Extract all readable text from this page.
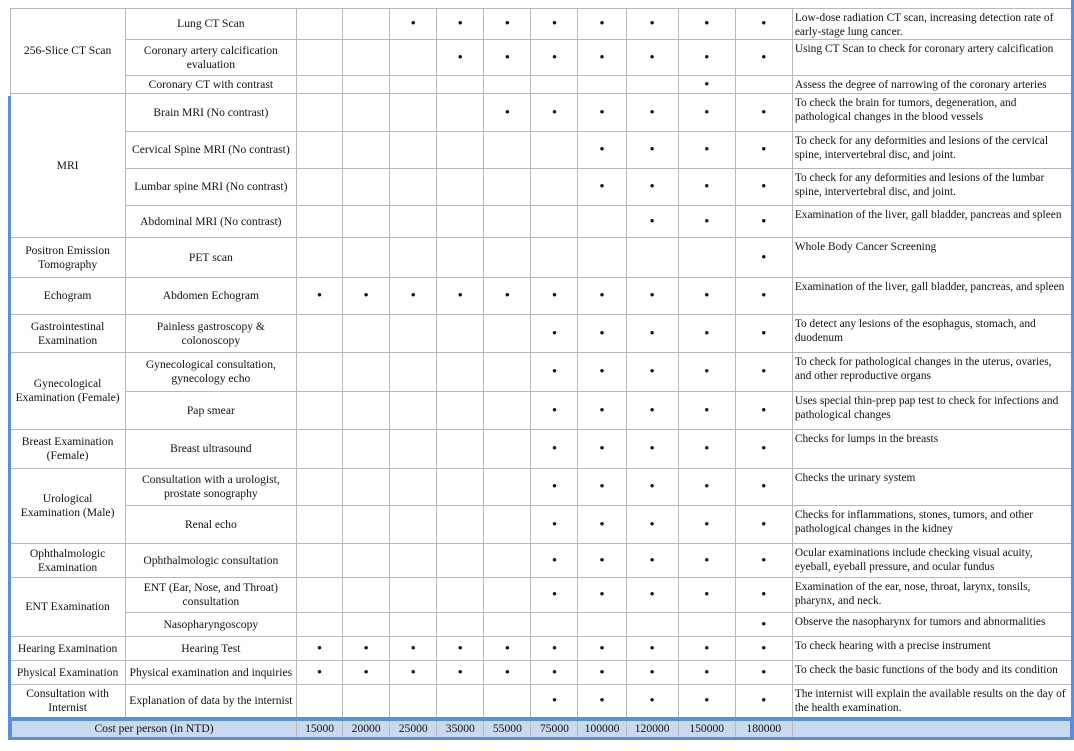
256-Slice CT Scan	Lung CT Scan			•	•	•	•	•	•	•	•	Low-dose radiation CT scan, increasing detection rate of early-stage lung cancer.
	Coronary artery calcification evaluation				•	•	•	•	•	•	•	Using CT Scan to check for coronary artery calcification
	Coronary CT with contrast									•		Assess the degree of narrowing of the coronary arteries
MRI	Brain MRI (No contrast)					•	•	•	•	•	•	To check the brain for tumors, degeneration, and pathological changes in the blood vessels
	Cervical Spine MRI (No contrast)							•	•	•	•	To check for any deformities and lesions of the cervical spine, intervertebral disc, and joint.
	Lumbar spine MRI (No contrast)							•	•	•	•	To check for any deformities and lesions of the lumbar spine, intervertebral disc, and joint.
	Abdominal MRI (No contrast)								•	•	•	Examination of the liver, gall bladder, pancreas and spleen
Positron Emission Tomography	PET scan										•	Whole Body Cancer Screening
Echogram	Abdomen Echogram	•	•	•	•	•	•	•	•	•	•	Examination of the liver, gall bladder, pancreas, and spleen
Gastrointestinal Examination	Painless gastroscopy & colonoscopy						•	•	•	•	•	To detect any lesions of the esophagus, stomach, and duodenum
Gynecological Examination (Female)	Gynecological consultation, gynecology echo						•	•	•	•	•	To check for pathological changes in the uterus, ovaries, and other reproductive organs
	Pap smear						•	•	•	•	•	Uses special thin-prep pap test to check for infections and pathological changes
Breast Examination (Female)	Breast ultrasound						•	•	•	•	•	Checks for lumps in the breasts
Urological Examination (Male)	Consultation with a urologist, prostate sonography						•	•	•	•	•	Checks the urinary system
	Renal echo						•	•	•	•	•	Checks for inflammations, stones, tumors, and other pathological changes in the kidney
Ophthalmologic Examination	Ophthalmologic consultation						•	•	•	•	•	Ocular examinations include checking visual acuity, eyeball, eyeball pressure, and ocular fundus
ENT Examination	ENT (Ear, Nose, and Throat) consultation						•	•	•	•	•	Examination of the ear, nose, throat, larynx, tonsils, pharynx, and neck.
	Nasopharyngoscopy										•	Observe the nasopharynx for tumors and abnormalities
Hearing Examination	Hearing Test	•	•	•	•	•	•	•	•	•	•	To check hearing with a precise instrument
Physical Examination	Physical examination and inquiries	•	•	•	•	•	•	•	•	•	•	To check the basic functions of the body and its condition
Consultation with Internist	Explanation of data by the internist						•	•	•	•	•	The internist will explain the available results on the day of the health examination.
Cost per person (in NTD)		15000	20000	25000	35000	55000	75000	100000	120000	150000	180000	
